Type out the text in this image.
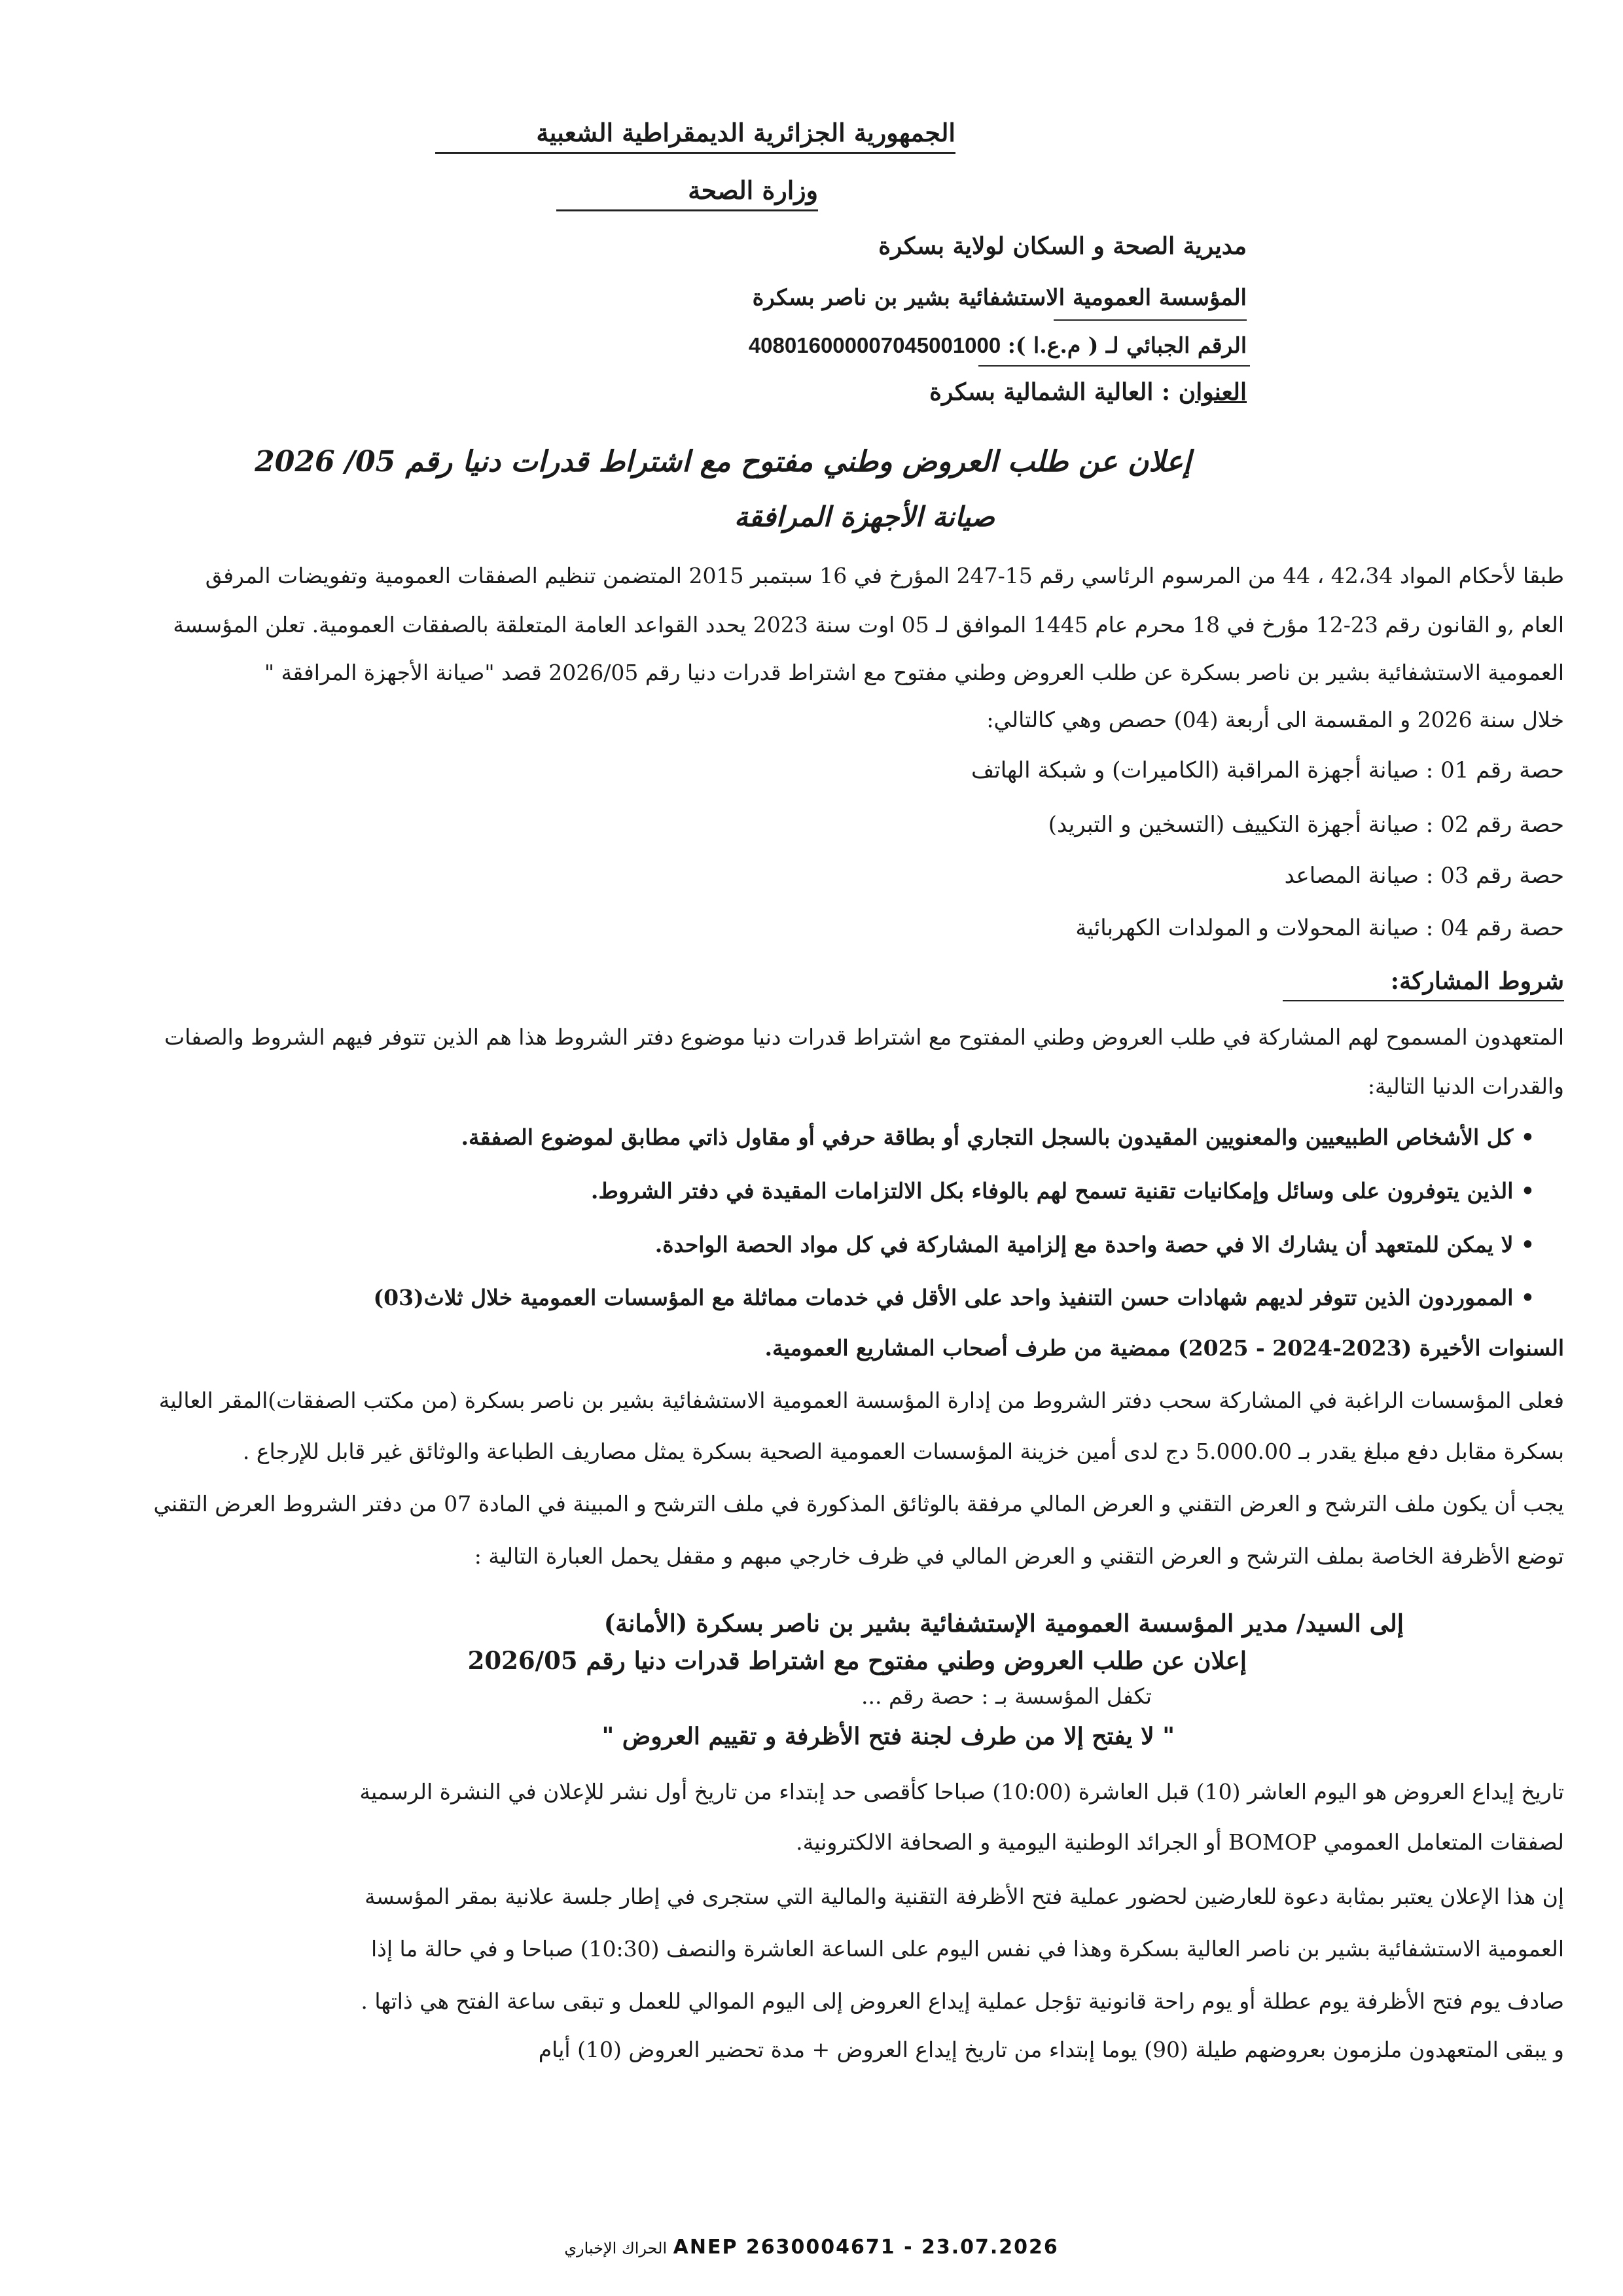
الجمهورية الجزائرية الديمقراطية الشعبية
وزارة الصحة
مديرية الصحة و السكان لولاية بسكرة
المؤسسة العمومية الاستشفائية بشير بن ناصر بسكرة
الرقم الجبائي لـ ( م.ع.ا ): 408016000007045001000
العنوان : العالية الشمالية بسكرة
إعلان عن طلب العروض وطني مفتوح مع اشتراط قدرات دنيا رقم 05/ 2026
صيانة الأجهزة المرافقة
طبقا لأحكام المواد 42،34 ، 44 من المرسوم الرئاسي رقم 15-247 المؤرخ في 16 سبتمبر 2015 المتضمن تنظيم الصفقات العمومية وتفويضات المرفق
العام ,و القانون رقم 23-12 مؤرخ في 18 محرم عام 1445 الموافق لـ 05 اوت سنة 2023 يحدد القواعد العامة المتعلقة بالصفقات العمومية. تعلن المؤسسة
العمومية الاستشفائية بشير بن ناصر بسكرة عن طلب العروض وطني مفتوح مع اشتراط قدرات دنيا رقم 2026/05 قصد "صيانة الأجهزة المرافقة "
خلال سنة 2026 و المقسمة الى أربعة (04) حصص وهي كالتالي:
حصة رقم 01 : صيانة أجهزة المراقبة (الكاميرات) و شبكة الهاتف
حصة رقم 02 : صيانة أجهزة التكييف (التسخين و التبريد)
حصة رقم 03 : صيانة المصاعد
حصة رقم 04 : صيانة المحولات و المولدات الكهربائية
شروط المشاركة:
المتعهدون المسموح لهم المشاركة في طلب العروض وطني المفتوح مع اشتراط قدرات دنيا موضوع دفتر الشروط هذا هم الذين تتوفر فيهم الشروط والصفات
والقدرات الدنيا التالية:
• كل الأشخاص الطبيعيين والمعنويين المقيدون بالسجل التجاري أو بطاقة حرفي أو مقاول ذاتي مطابق لموضوع الصفقة.
• الذين يتوفرون على وسائل وإمكانيات تقنية تسمح لهم بالوفاء بكل الالتزامات المقيدة في دفتر الشروط.
• لا يمكن للمتعهد أن يشارك الا في حصة واحدة مع إلزامية المشاركة في كل مواد الحصة الواحدة.
• المموردون الذين تتوفر لديهم شهادات حسن التنفيذ واحد على الأقل في خدمات مماثلة مع المؤسسات العمومية خلال ثلاث(03)
السنوات الأخيرة (2023-2024 - 2025) ممضية من طرف أصحاب المشاريع العمومية.
فعلى المؤسسات الراغبة في المشاركة سحب دفتر الشروط من إدارة المؤسسة العمومية الاستشفائية بشير بن ناصر بسكرة (من مكتب الصفقات)المقر العالية
بسكرة مقابل دفع مبلغ يقدر بـ 5.000.00 دج لدى أمين خزينة المؤسسات العمومية الصحية بسكرة يمثل مصاريف الطباعة والوثائق غير قابل للإرجاع .
يجب أن يكون ملف الترشح و العرض التقني و العرض المالي مرفقة بالوثائق المذكورة في ملف الترشح و المبينة في المادة 07 من دفتر الشروط العرض التقني
توضع الأظرفة الخاصة بملف الترشح و العرض التقني و العرض المالي في ظرف خارجي مبهم و مقفل يحمل العبارة التالية :
إلى السيد/ مدير المؤسسة العمومية الإستشفائية بشير بن ناصر بسكرة (الأمانة)
إعلان عن طلب العروض وطني مفتوح مع اشتراط قدرات دنيا رقم 2026/05
تكفل المؤسسة بـ : حصة رقم ...
" لا يفتح إلا من طرف لجنة فتح الأظرفة و تقييم العروض "
تاريخ إيداع العروض هو اليوم العاشر (10) قبل العاشرة (10:00) صباحا كأقصى حد إبتداء من تاريخ أول نشر للإعلان في النشرة الرسمية
لصفقات المتعامل العمومي BOMOP أو الجرائد الوطنية اليومية و الصحافة الالكترونية.
إن هذا الإعلان يعتبر بمثابة دعوة للعارضين لحضور عملية فتح الأظرفة التقنية والمالية التي ستجرى في إطار جلسة علانية بمقر المؤسسة
العمومية الاستشفائية بشير بن ناصر العالية بسكرة وهذا في نفس اليوم على الساعة العاشرة والنصف (10:30) صباحا و في حالة ما إذا
صادف يوم فتح الأظرفة يوم عطلة أو يوم راحة قانونية تؤجل عملية إيداع العروض إلى اليوم الموالي للعمل و تبقى ساعة الفتح هي ذاتها .
و يبقى المتعهدون ملزمون بعروضهم طيلة (90) يوما إبتداء من تاريخ إيداع العروض + مدة تحضير العروض (10) أيام
الحراك الإخباري ANEP 2630004671 - 23.07.2026
